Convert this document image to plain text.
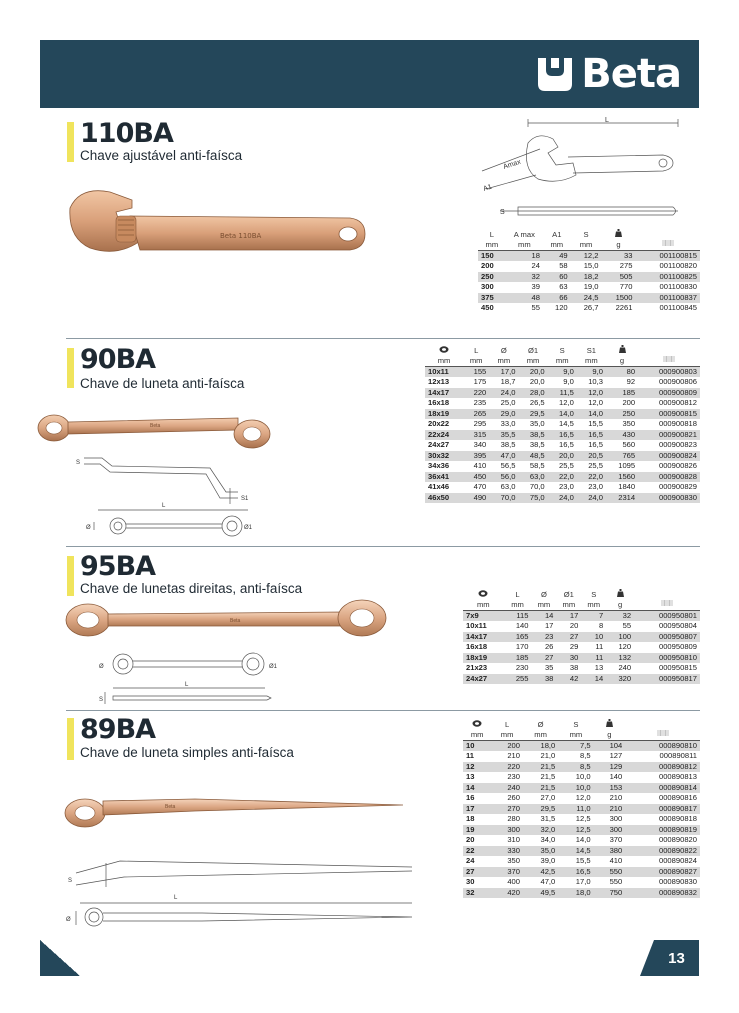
Beta
110BA
Chave ajustável anti-faísca
Beta 110BA
L
Amax
A1
S
L
mm	A max
mm	A1
mm	S
mm	g

150	18	49	12,2	33	001100815
200	24	58	15,0	275	001100820
250	32	60	18,2	505	001100825
300	39	63	19,0	770	001100830
375	48	66	24,5	1500	001100837
450	55	120	26,7	2261	001100845
90BA
Chave de luneta anti-faísca
Beta
S
S1
L
Ø	Ø1
mm	L
mm	Ø
mm	Ø1
mm	S
mm	S1
mm	g

10x11	155	17,0	20,0	9,0	9,0	80	000900803
12x13	175	18,7	20,0	9,0	10,3	92	000900806
14x17	220	24,0	28,0	11,5	12,0	185	000900809
16x18	235	25,0	26,5	12,0	12,0	200	000900812
18x19	265	29,0	29,5	14,0	14,0	250	000900815
20x22	295	33,0	35,0	14,5	15,5	350	000900818
22x24	315	35,5	38,5	16,5	16,5	430	000900821
24x27	340	38,5	38,5	16,5	16,5	560	000900823
30x32	395	47,0	48,5	20,0	20,5	765	000900824
34x36	410	56,5	58,5	25,5	25,5	1095	000900826
36x41	450	56,0	63,0	22,0	22,0	1560	000900828
41x46	470	63,0	70,0	23,0	23,0	1840	000900829
46x50	490	70,0	75,0	24,0	24,0	2314	000900830
95BA
Chave de lunetas direitas, anti-faísca
Beta
Ø	Ø1
L
S
mm	L
mm	Ø
mm	Ø1
mm	S
mm	g

7x9	115	14	17	7	32	000950801
10x11	140	17	20	8	55	000950804
14x17	165	23	27	10	100	000950807
16x18	170	26	29	11	120	000950809
18x19	185	27	30	11	132	000950810
21x23	230	35	38	13	240	000950815
24x27	255	38	42	14	320	000950817
89BA
Chave de luneta simples anti-faísca
Beta
S
L
Ø
mm	L
mm	Ø
mm	S
mm	g

10	200	18,0	7,5	104	000890810
11	210	21,0	8,5	127	000890811
12	220	21,5	8,5	129	000890812
13	230	21,5	10,0	140	000890813
14	240	21,5	10,0	153	000890814
16	260	27,0	12,0	210	000890816
17	270	29,5	11,0	210	000890817
18	280	31,5	12,5	300	000890818
19	300	32,0	12,5	300	000890819
20	310	34,0	14,0	370	000890820
22	330	35,0	14,5	380	000890822
24	350	39,0	15,5	410	000890824
27	370	42,5	16,5	550	000890827
30	400	47,0	17,0	550	000890830
32	420	49,5	18,0	750	000890832
13
